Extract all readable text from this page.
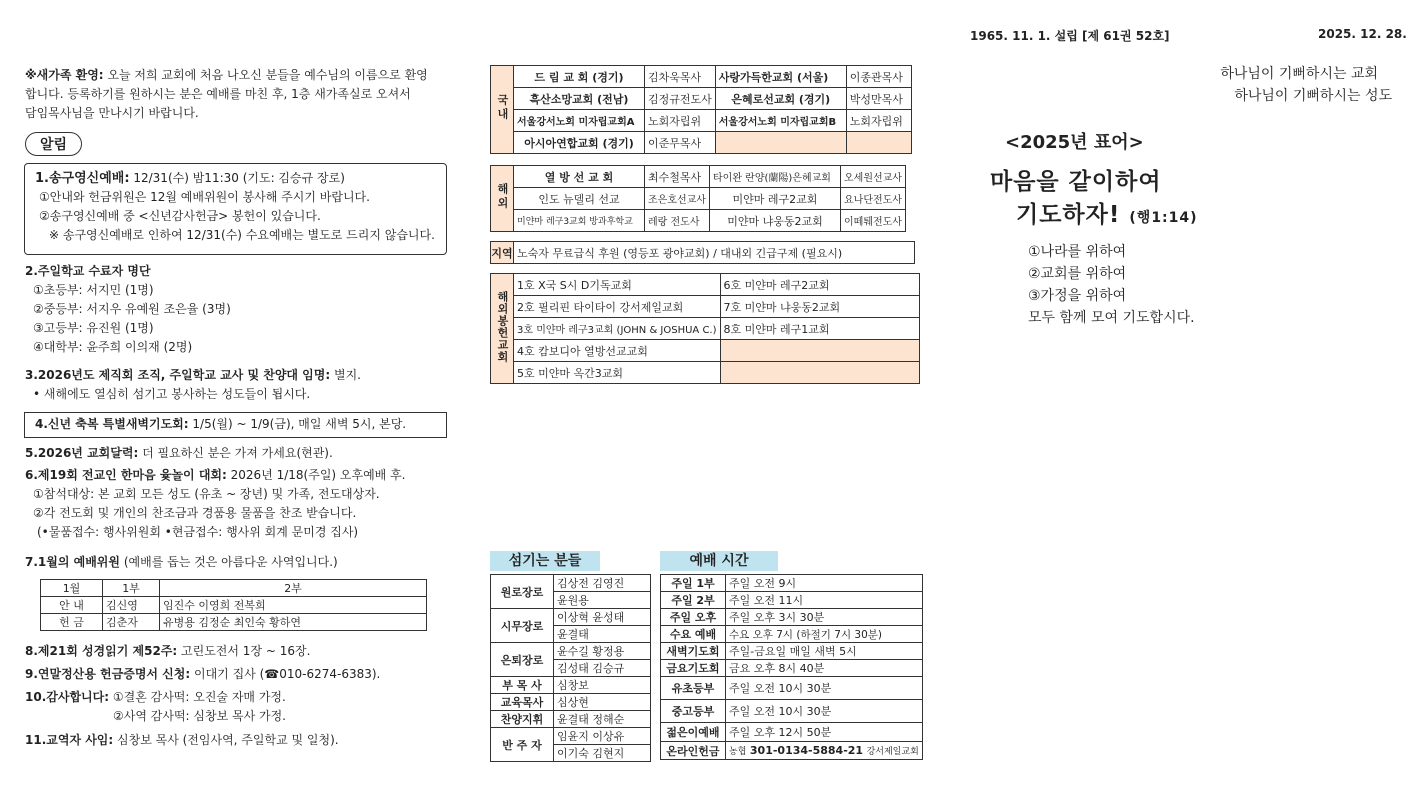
1965. 11. 1. 설립 [제 61권 52호]	2025. 12. 28.
※새가족 환영: 오늘 저희 교회에 처음 나오신 분들을 예수님의 이름으로 환영
합니다. 등록하기를 원하시는 분은 예배를 마친 후, 1층 새가족실로 오셔서
담임목사님을 만나시기 바랍니다.
알림
1.송구영신예배: 12/31(수) 밤11:30 (기도: 김승규 장로)
①안내와 헌금위원은 12월 예배위원이 봉사해 주시기 바랍니다.
②송구영신예배 중 <신년감사헌금> 봉헌이 있습니다.
※ 송구영신예배로 인하여 12/31(수) 수요예배는 별도로 드리지 않습니다.
2.주일학교 수료자 명단
①초등부: 서지민 (1명)
②중등부: 서지우 유예원 조은율 (3명)
③고등부: 유진원 (1명)
④대학부: 윤주희 이의재 (2명)
3.2026년도 제직회 조직, 주일학교 교사 및 찬양대 임명: 별지.
• 새해에도 열심히 섬기고 봉사하는 성도들이 됩시다.
4.신년 축복 특별새벽기도회: 1/5(월) ~ 1/9(금), 매일 새벽 5시, 본당.
5.2026년 교회달력: 더 필요하신 분은 가져 가세요(현관).
6.제19회 전교인 한마음 윷놀이 대회: 2026년 1/18(주일) 오후예배 후.
①참석대상: 본 교회 모든 성도 (유초 ~ 장년) 및 가족, 전도대상자.
②각 전도회 및 개인의 찬조금과 경품용 물품을 찬조 받습니다.
(•물품접수: 행사위원회 •현금접수: 행사위 회계 문미경 집사)
7.1월의 예배위원 (예배를 돕는 것은 아름다운 사역입니다.)
1월	1부	2부
안 내	김신영	임진수 이영희 전복희
헌 금	김춘자	유병용 김정순 최인숙 황하연
8.제21회 성경읽기 제52주: 고린도전서 1장 ~ 16장.
9.연말정산용 헌금증명서 신청: 이대기 집사 (☎010-6274-6383).
10.감사합니다: ①결혼 감사떡: 오진술 자매 가정.
②사역 감사떡: 심창보 목사 가정.
11.교역자 사임: 심창보 목사 (전임사역, 주일학교 및 일청).
국내	드 림 교 회 (경기)	김차욱목사	사랑가득한교회 (서울)	이종관목사
	흑산소망교회 (전남)	김정규전도사	은혜로선교회 (경기)	박성만목사
	서울강서노회 미자립교회A	노회자립위	서울강서노회 미자립교회B	노회자립위
	아시아연합교회 (경기)	이준무목사		
해외	열 방 선 교 회	최수철목사	타이완 란양(蘭陽)은혜교회	오세원선교사
	인도 뉴델리 선교	조은호선교사	미얀마 레구2교회	요나단전도사
	미얀마 레구3교회 방과후학교	레랑 전도사	미얀마 냐웅동2교회	이떼퉤전도사
지역	노숙자 무료급식 후원 (영등포 광야교회) / 대내외 긴급구제 (필요시)
해외봉헌교회	1호 X국 S시 D기독교회	6호 미얀마 레구2교회
	2호 필리핀 타이타이 강서제일교회	7호 미얀마 냐웅동2교회
	3호 미얀마 레구3교회 (JOHN & JOSHUA C.)	8호 미얀마 레구1교회
	4호 캄보디아 열방선교교회	
	5호 미얀마 옥간3교회	
섬기는 분들
원로장로	김상전 김영진
	윤원용
시무장로	이상혁 윤성태
	윤결태
은퇴장로	윤수길 황정용
	김성태 김승규
부 목 사	심창보
교육목사	심상현
찬양지휘	윤결태 정해순
반 주 자	임윤지 이상유
	이기숙 김현지
예배 시간
주일 1부	주일 오전 9시
주일 2부	주일 오전 11시
주일 오후	주일 오후 3시 30분
수요 예배	수요 오후 7시 (하절기 7시 30분)
새벽기도회	주일-금요일 매일 새벽 5시
금요기도회	금요 오후 8시 40분
유초등부	주일 오전 10시 30분
중고등부	주일 오전 10시 30분
젊은이예배	주일 오후 12시 50분
온라인헌금	농협 301-0134-5884-21 강서제일교회
하나님이 기뻐하시는 교회
하나님이 기뻐하시는 성도
<2025년 표어>
마음을 같이하여
기도하자! (행1:14)
①나라를 위하여
②교회를 위하여
③가정을 위하여
모두 함께 모여 기도합시다.
